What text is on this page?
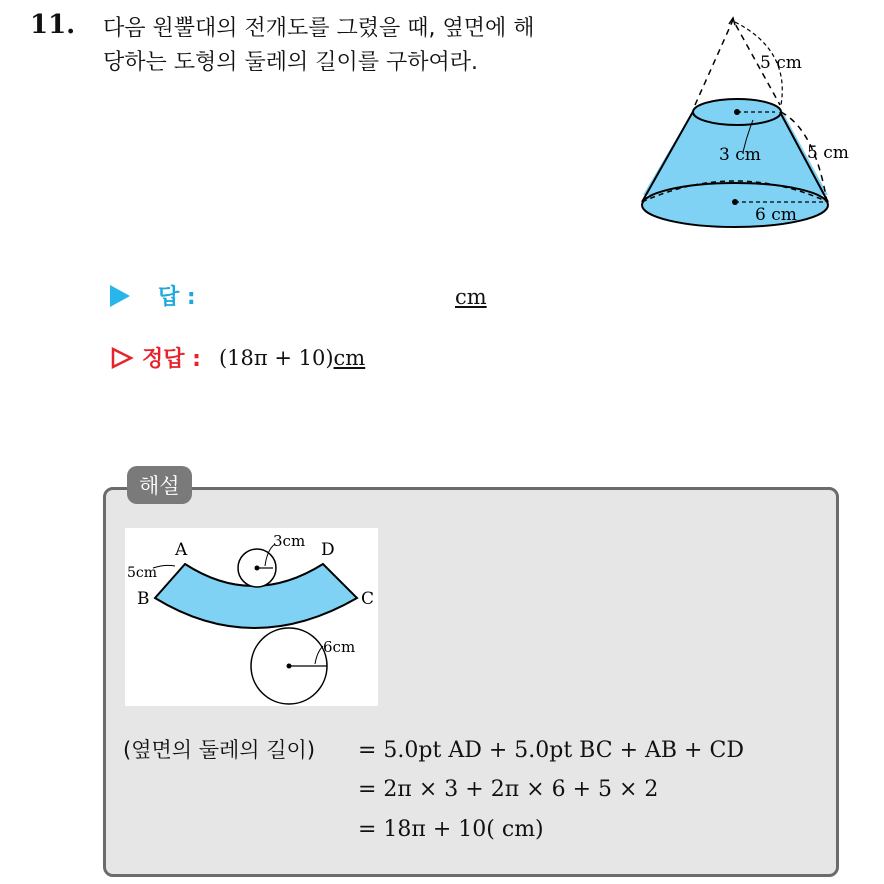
11. 다음 원뿔대의 전개도를 그렸을 때, 옆면에 해
당하는 도형의 둘레의 길이를 구하여라.	5 cm
5 cm
3 cm
6 cm
답 :	cm
정답 : (18π + 10)cm
해설
A
B	C
D
5cm
3cm
6cm
(옆면의 둘레의 길이) = 5.0pt AD + 5.0pt BC + AB + CD
= 2π × 3 + 2π × 6 + 5 × 2
= 18π + 10( cm)
